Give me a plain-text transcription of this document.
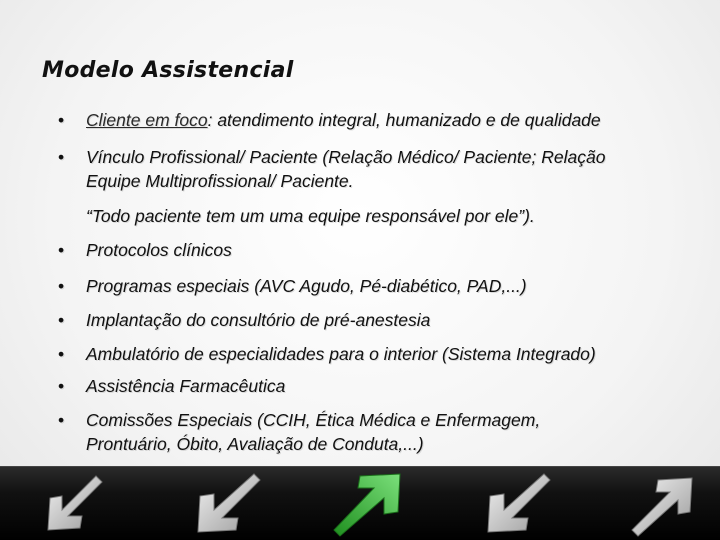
Modelo Assistencial
• Cliente em foco: atendimento integral, humanizado e de qualidade
• Vínculo Profissional/ Paciente (Relação Médico/ Paciente; Relação
Equipe Multiprofissional/ Paciente.
• Protocolos clínicos
• Programas especiais (AVC Agudo, Pé-diabético, PAD,...)
• Implantação do consultório de pré-anestesia
• Ambulatório de especialidades para o interior (Sistema Integrado)
• Assistência Farmacêutica
• Comissões Especiais (CCIH, Ética Médica e Enfermagem,
Prontuário, Óbito, Avaliação de Conduta,...)
“Todo paciente tem um uma equipe responsável por ele”).
